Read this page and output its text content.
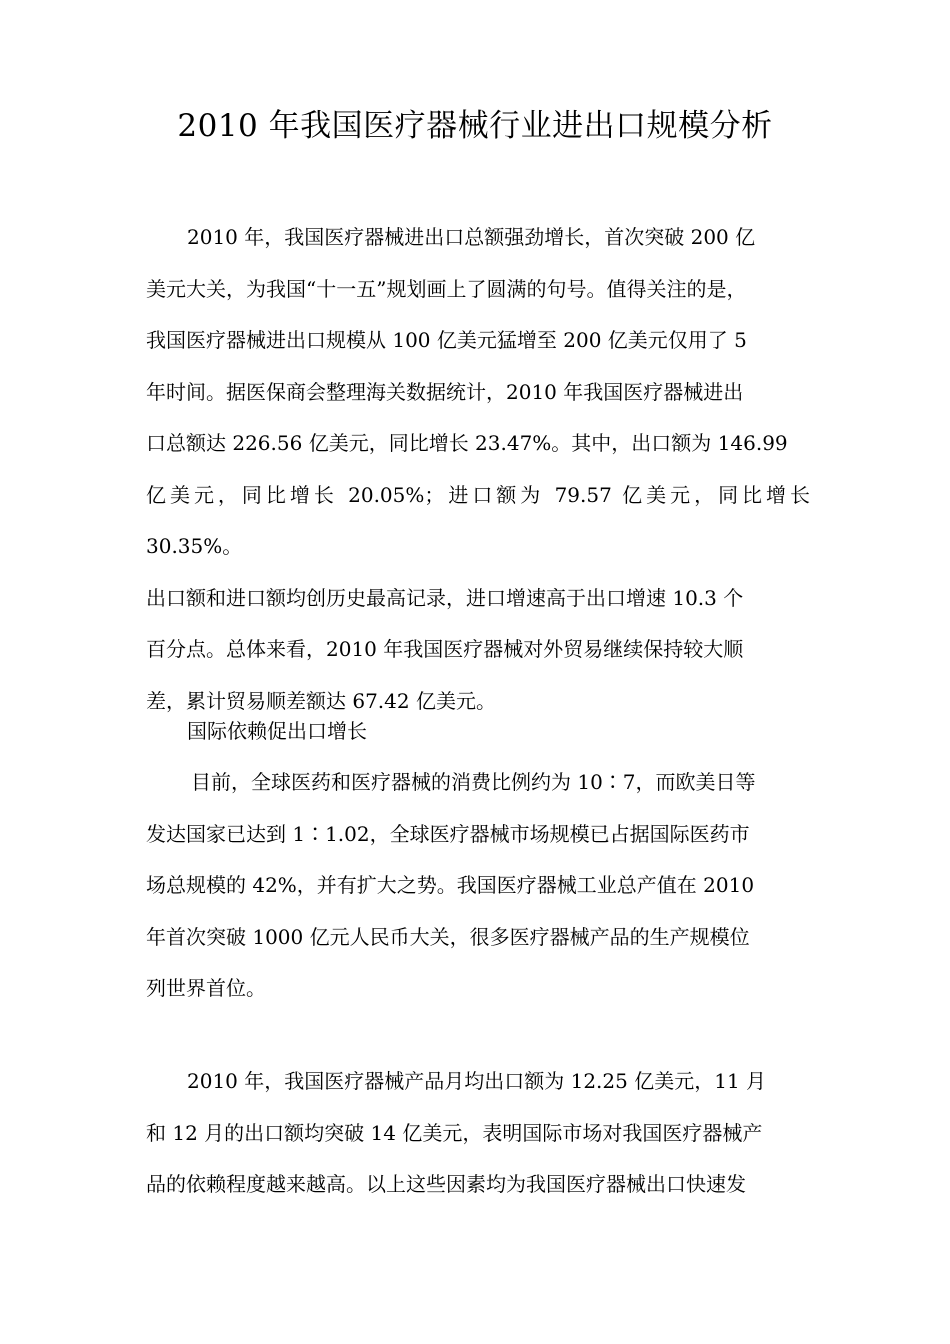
2010 年我国医疗器械行业进出口规模分析
2010 年，我国医疗器械进出口总额强劲增长，首次突破 200 亿
美元大关，为我国“十一五”规划画上了圆满的句号。值得关注的是，
我国医疗器械进出口规模从 100 亿美元猛增至 200 亿美元仅用了 5
年时间。据医保商会整理海关数据统计，2010 年我国医疗器械进出
口总额达 226.56 亿美元，同比增长 23.47%。其中，出口额为 146.99
亿美元，同比增长 20.05%；进口额为 79.57 亿美元，同比增长 30.35%。
出口额和进口额均创历史最高记录，进口增速高于出口增速 10.3 个
百分点。总体来看，2010 年我国医疗器械对外贸易继续保持较大顺
差，累计贸易顺差额达 67.42 亿美元。
国际依赖促出口增长
目前，全球医药和医疗器械的消费比例约为 10∶7，而欧美日等
发达国家已达到 1∶1.02，全球医疗器械市场规模已占据国际医药市
场总规模的 42%，并有扩大之势。我国医疗器械工业总产值在 2010
年首次突破 1000 亿元人民币大关，很多医疗器械产品的生产规模位
列世界首位。
2010 年，我国医疗器械产品月均出口额为 12.25 亿美元，11 月
和 12 月的出口额均突破 14 亿美元，表明国际市场对我国医疗器械产
品的依赖程度越来越高。以上这些因素均为我国医疗器械出口快速发
